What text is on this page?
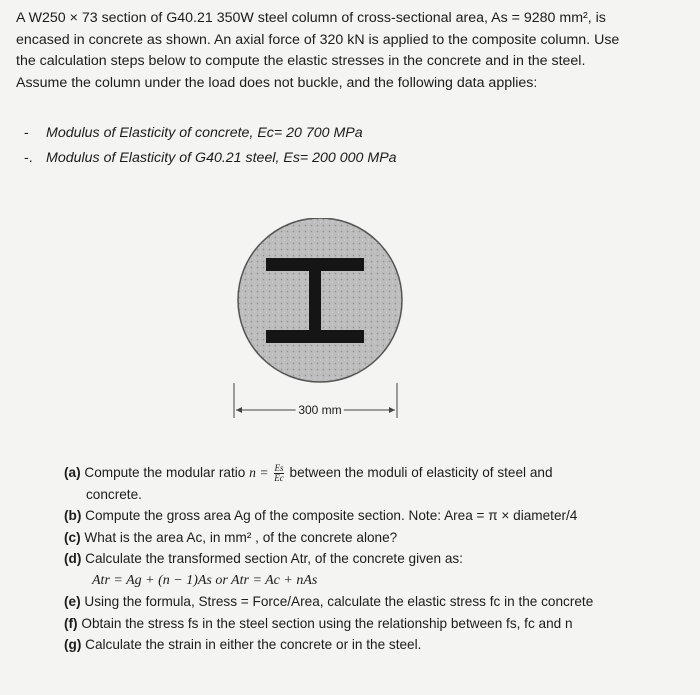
A W250 × 73 section of G40.21 350W steel column of cross-sectional area, As = 9280 mm², is

encased in concrete as shown. An axial force of 320 kN is applied to the composite column. Use

the calculation steps below to compute the elastic stresses in the concrete and in the steel.

Assume the column under the load does not buckle, and the following data applies:

-	Modulus of Elasticity of concrete, Ec= 20 700 MPa
-. Modulus of Elasticity of G40.21 steel, Es= 200 000 MPa
300 mm

(a) Compute the modular ratio $n = \frac{Es}{Ec}$ between the moduli of elasticity of steel and
concrete.

(b) Compute the gross area Ag of the composite section. Note: Area = π × diameter/4

(c) What is the area Ac, in mm² , of the concrete alone?

(d) Calculate the transformed section Atr, of the concrete given as:
Atr = Ag + (n − 1)As or Atr = Ac + nAs

(e) Using the formula, Stress = Force/Area, calculate the elastic stress fc in the concrete

(f) Obtain the stress fs in the steel section using the relationship between fs, fc and n

(g) Calculate the strain in either the concrete or in the steel.
